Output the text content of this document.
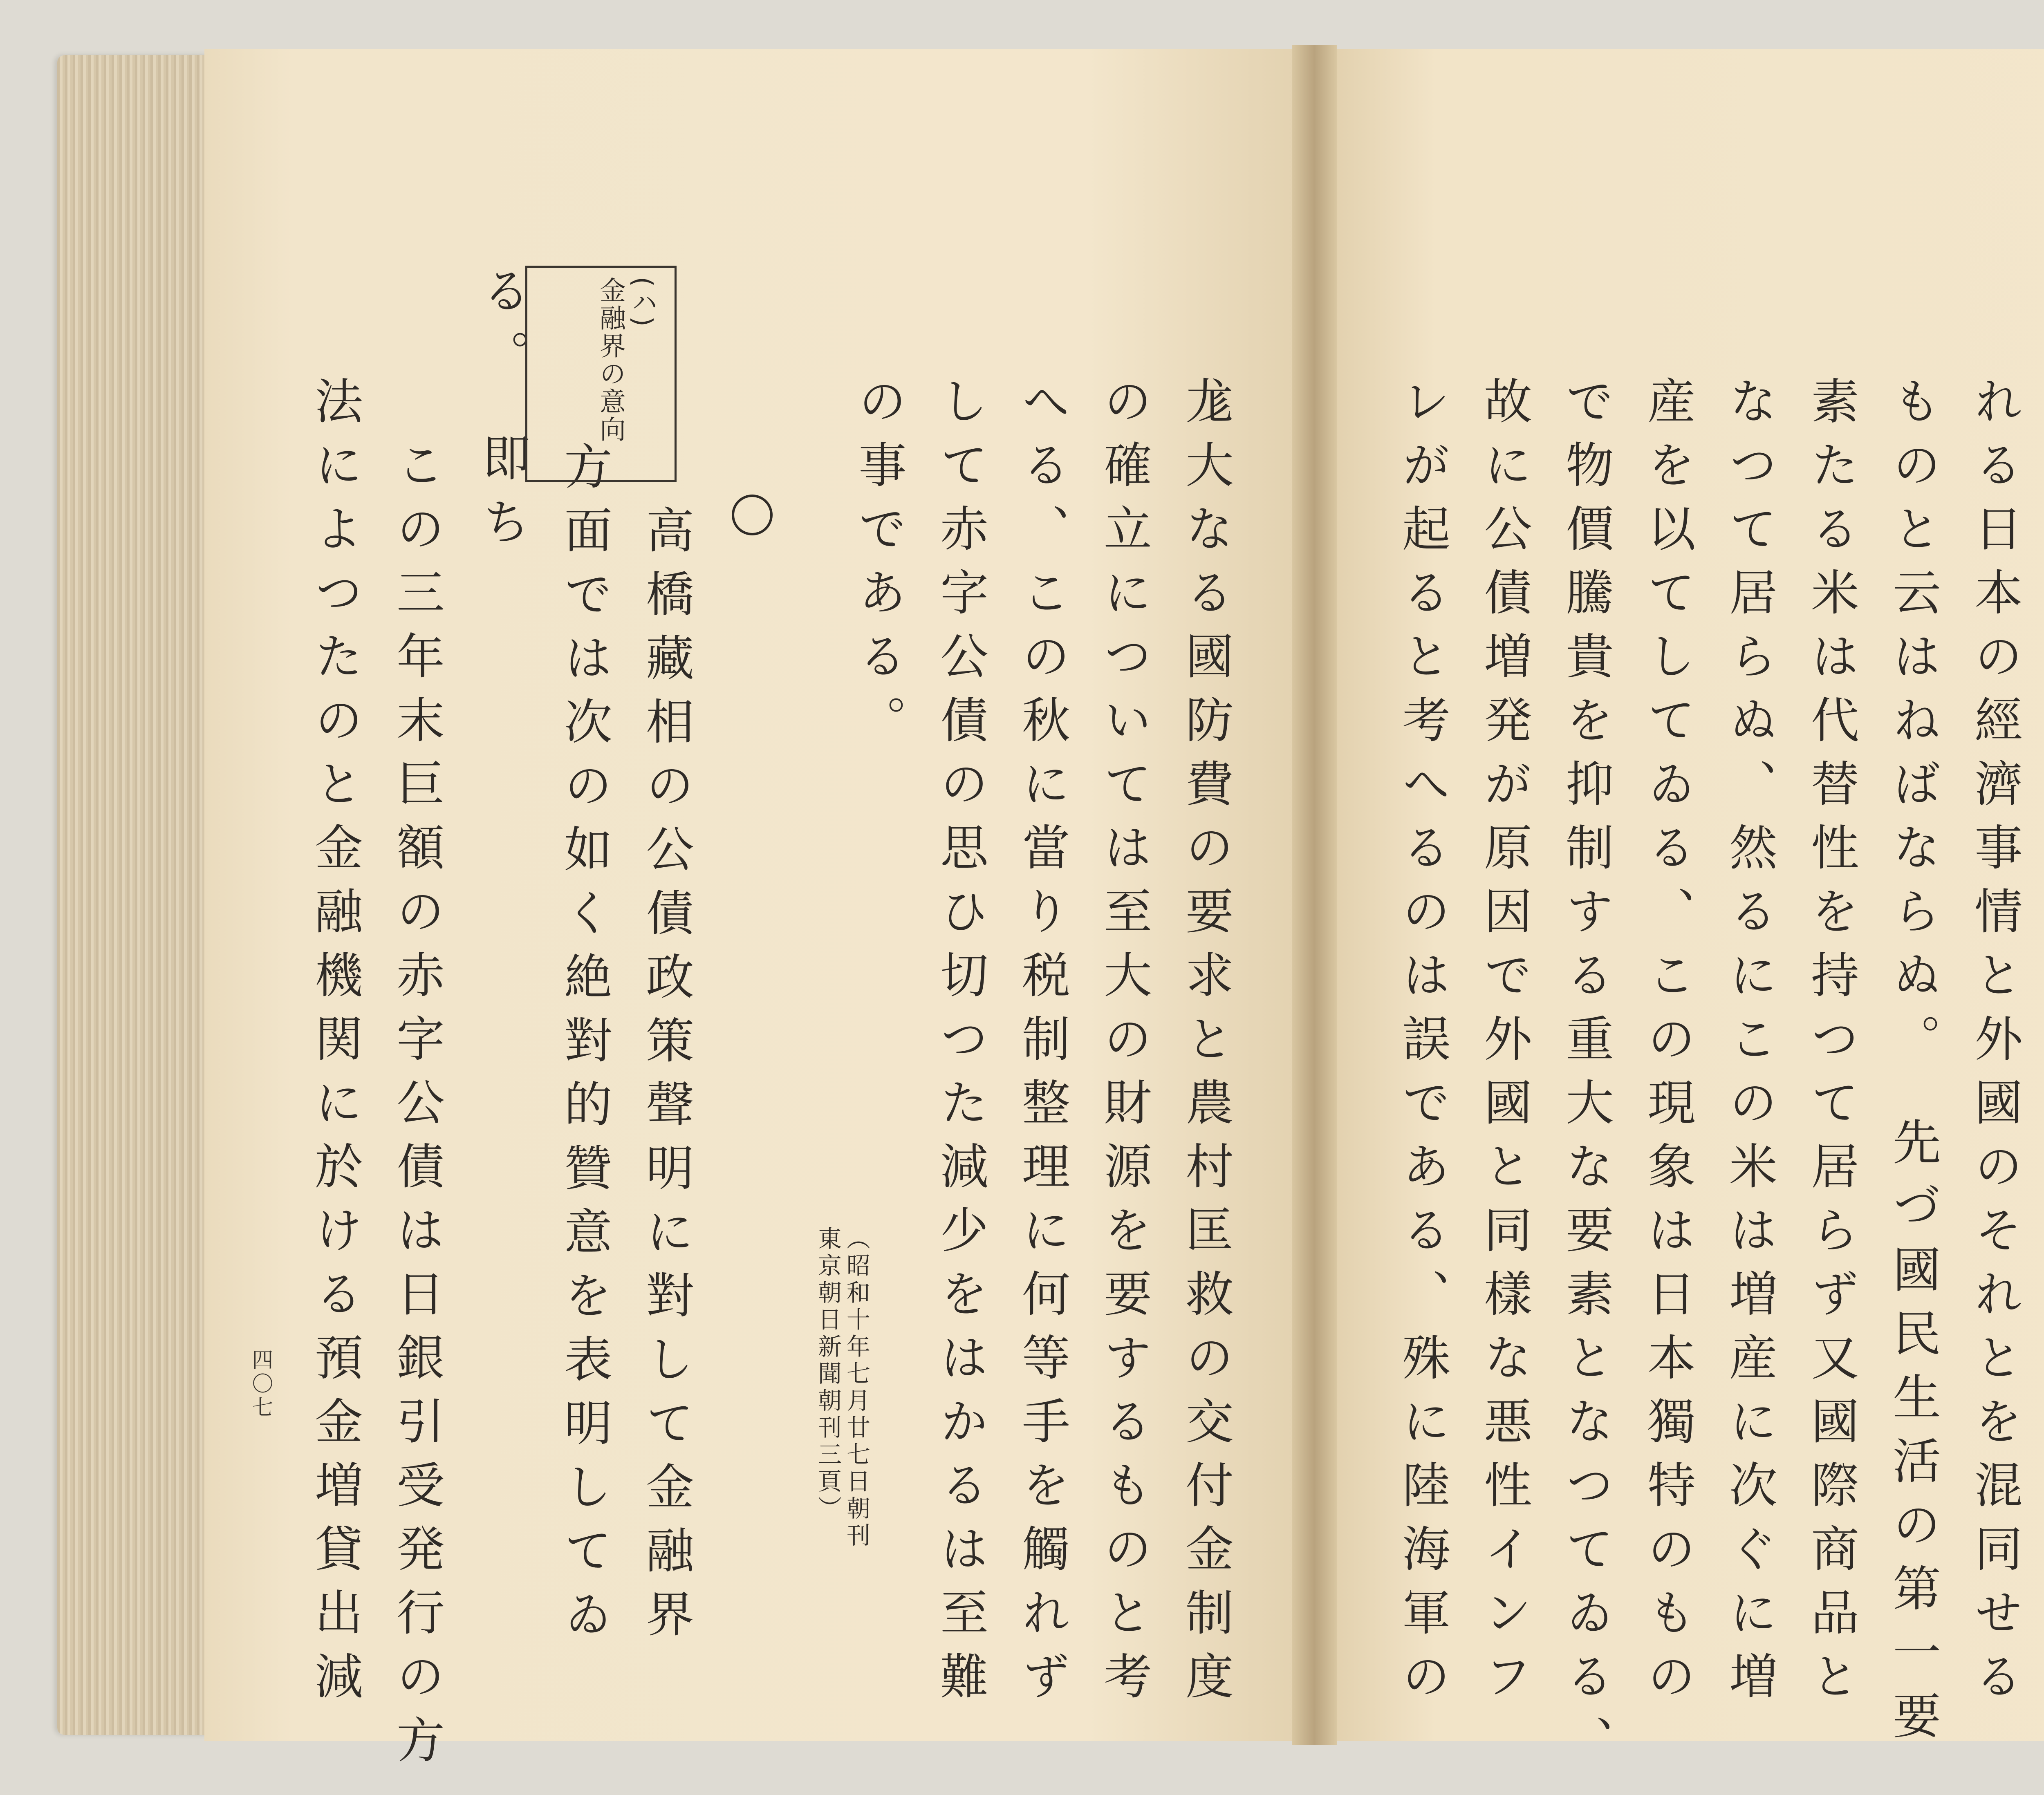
尨大なる國防費の要求と農村匡救の交付金制度
の確立については至大の財源を要するものと考
へる、この秋に當り税制整理に何等手を觸れず
して赤字公債の思ひ切つた減少をはかるは至難
の事である。
（昭和十年七月廿七日朝刊
東京朝日新聞朝刊三頁）
　高橋藏相の公債政策聲明に對して金融界
方面では次の如く絶對的贊意を表明してゐ
る。　即ち
　この三年末巨額の赤字公債は日銀引受発行の方
法によつたのと金融機関に於ける預金増貸出減
(ハ)
金融界の意向
四〇七	れる日本の經濟事情と外國のそれとを混同せる
ものと云はねばならぬ。　先づ國民生活の第一要
素たる米は代替性を持つて居らず又國際商品と
なつて居らぬ、然るにこの米は増産に次ぐに増
産を以てしてゐる、この現象は日本獨特のもの
で物價騰貴を抑制する重大な要素となつてゐる、
故に公債増発が原因で外國と同樣な悪性インフ
レが起ると考へるのは誤である、殊に陸海軍の
